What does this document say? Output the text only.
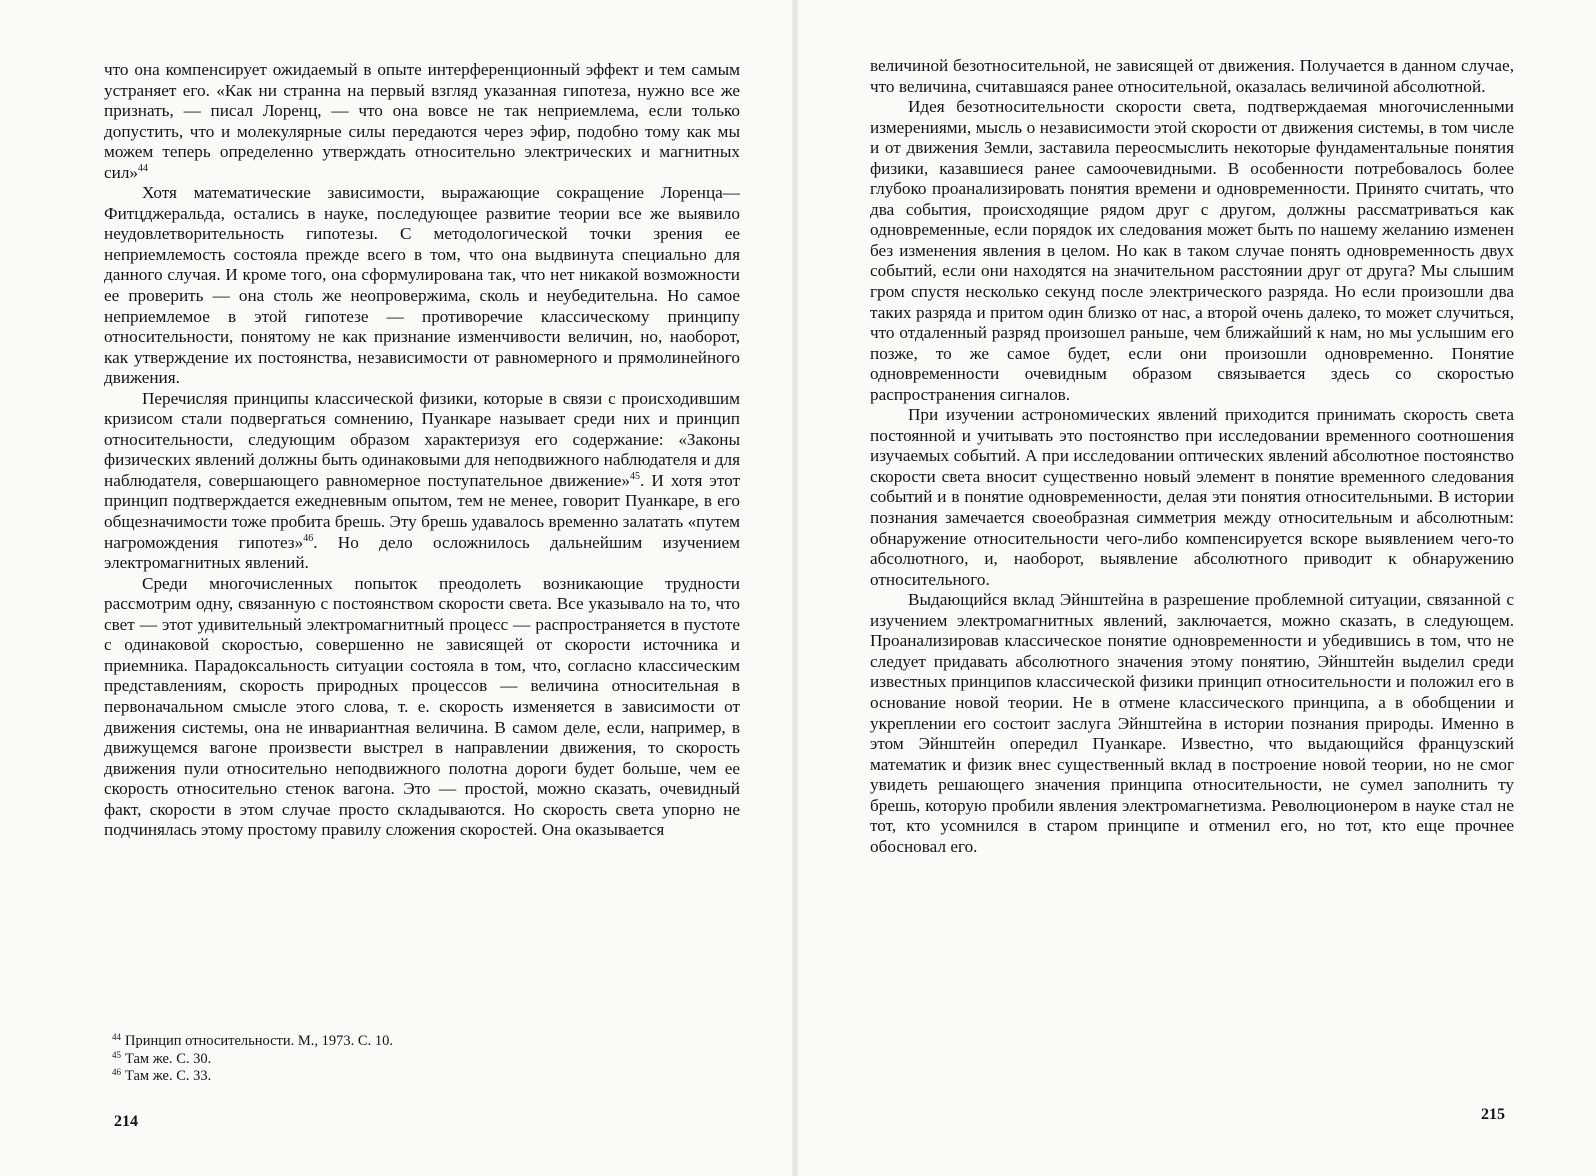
что она компенсирует ожидаемый в опыте интерференционный эффект и тем самым устраняет его. «Как ни странна на первый взгляд указанная гипотеза, нужно все же признать, — писал Лоренц, — что она вовсе не так неприемлема, если только допустить, что и молекулярные силы передаются через эфир, подобно тому как мы можем теперь определенно утверждать относительно электрических и магнитных сил»$^{44}$

Хотя математические зависимости, выражающие сокращение Лоренца—Фитцджеральда, остались в науке, последующее развитие теории все же выявило неудовлетворительность гипотезы. С методологической точки зрения ее неприемлемость состояла прежде всего в том, что она выдвинута специально для данного случая. И кроме того, она сформулирована так, что нет никакой возможности ее проверить — она столь же неопровержима, сколь и неубедительна. Но самое неприемлемое в этой гипотезе — противоречие классическому принципу относительности, понятому не как признание изменчивости величин, но, наоборот, как утверждение их постоянства, независимости от равномерного и прямолинейного движения.

Перечисляя принципы классической физики, которые в связи с происходившим кризисом стали подвергаться сомнению, Пуанкаре называет среди них и принцип относительности, следующим образом характеризуя его содержание: «Законы физических явлений должны быть одинаковыми для неподвижного наблюдателя и для наблюдателя, совершающего равномерное поступательное движение»$^{45}$. И хотя этот принцип подтверждается ежедневным опытом, тем не менее, говорит Пуанкаре, в его общезначимости тоже пробита брешь. Эту брешь удавалось временно залатать «путем нагромождения гипотез»$^{46}$. Но дело осложнилось дальнейшим изучением электромагнитных явлений.

Среди многочисленных попыток преодолеть возникающие трудности рассмотрим одну, связанную с постоянством скорости света. Все указывало на то, что свет — этот удивительный электромагнитный процесс — распространяется в пустоте с одинаковой скоростью, совершенно не зависящей от скорости источника и приемника. Парадоксальность ситуации состояла в том, что, согласно классическим представлениям, скорость природных процессов — величина относительная в первоначальном смысле этого слова, т. е. скорость изменяется в зависимости от движения системы, она не инвариантная величина. В самом деле, если, например, в движущемся вагоне произвести выстрел в направлении движения, то скорость движения пули относительно неподвижного полотна дороги будет больше, чем ее скорость относительно стенок вагона. Это — простой, можно сказать, очевидный факт, скорости в этом случае просто складываются. Но скорость света упорно не подчинялась этому простому правилу сложения скоростей. Она оказывается

$^{44}$ Принцип относительности. М., 1973. С. 10.
$^{45}$ Там же. С. 30.
$^{46}$ Там же. С. 33.
214

величиной безотносительной, не зависящей от движения. Получается в данном случае, что величина, считавшаяся ранее относительной, оказалась величиной абсолютной.

Идея безотносительности скорости света, подтверждаемая многочисленными измерениями, мысль о независимости этой скорости от движения системы, в том числе и от движения Земли, заставила переосмыслить некоторые фундаментальные понятия физики, казавшиеся ранее самоочевидными. В особенности потребовалось более глубоко проанализировать понятия времени и одновременности. Принято считать, что два события, происходящие рядом друг с другом, должны рассматриваться как одновременные, если порядок их следования может быть по нашему желанию изменен без изменения явления в целом. Но как в таком случае понять одновременность двух событий, если они находятся на значительном расстоянии друг от друга? Мы слышим гром спустя несколько секунд после электрического разряда. Но если произошли два таких разряда и притом один близко от нас, а второй очень далеко, то может случиться, что отдаленный разряд произошел раньше, чем ближайший к нам, но мы услышим его позже, то же самое будет, если они произошли одновременно. Понятие одновременности очевидным образом связывается здесь со скоростью распространения сигналов.

При изучении астрономических явлений приходится принимать скорость света постоянной и учитывать это постоянство при исследовании временного соотношения изучаемых событий. А при исследовании оптических явлений абсолютное постоянство скорости света вносит существенно новый элемент в понятие временного следования событий и в понятие одновременности, делая эти понятия относительными. В истории познания замечается своеобразная симметрия между относительным и абсолютным: обнаружение относительности чего-либо компенсируется вскоре выявлением чего-то абсолютного, и, наоборот, выявление абсолютного приводит к обнаружению относительного.

Выдающийся вклад Эйнштейна в разрешение проблемной ситуации, связанной с изучением электромагнитных явлений, заключается, можно сказать, в следующем. Проанализировав классическое понятие одновременности и убедившись в том, что не следует придавать абсолютного значения этому понятию, Эйнштейн выделил среди известных принципов классической физики принцип относительности и положил его в основание новой теории. Не в отмене классического принципа, а в обобщении и укреплении его состоит заслуга Эйнштейна в истории познания природы. Именно в этом Эйнштейн опередил Пуанкаре. Известно, что выдающийся французский математик и физик внес существенный вклад в построение новой теории, но не смог увидеть решающего значения принципа относительности, не сумел заполнить ту брешь, которую пробили явления электромагнетизма. Революционером в науке стал не тот, кто усомнился в старом принципе и отменил его, но тот, кто еще прочнее обосновал его.

215
